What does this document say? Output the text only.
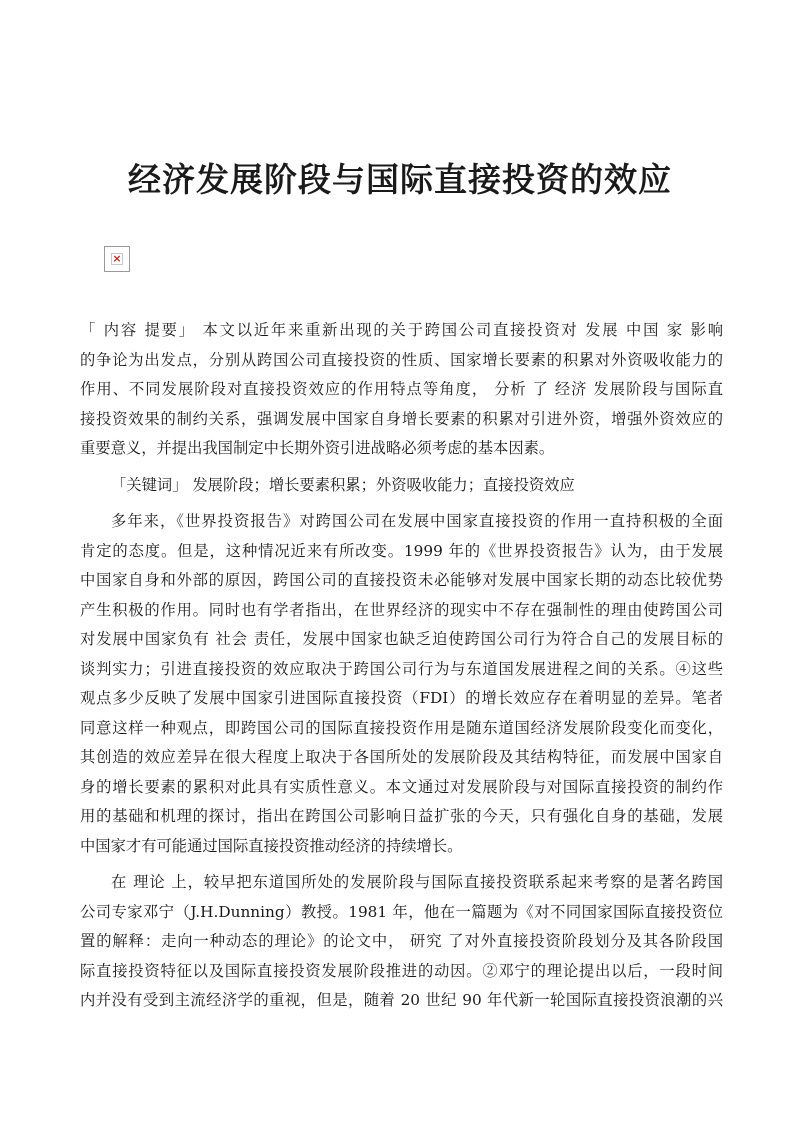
经济发展阶段与国际直接投资的效应
×

「 内容 提要」 本文以近年来重新出现的关于跨国公司直接投资对 发展 中国 家 影响
的争论为出发点，分别从跨国公司直接投资的性质、国家增长要素的积累对外资吸收能力的
作用、不同发展阶段对直接投资效应的作用特点等角度， 分析 了 经济 发展阶段与国际直
接投资效果的制约关系，强调发展中国家自身增长要素的积累对引进外资，增强外资效应的
重要意义，并提出我国制定中长期外资引进战略必须考虑的基本因素。

「关键词」 发展阶段；增长要素积累；外资吸收能力；直接投资效应

多年来，《世界投资报告》对跨国公司在发展中国家直接投资的作用一直持积极的全面
肯定的态度。但是，这种情况近来有所改变。1999 年的《世界投资报告》认为，由于发展
中国家自身和外部的原因，跨国公司的直接投资未必能够对发展中国家长期的动态比较优势
产生积极的作用。同时也有学者指出，在世界经济的现实中不存在强制性的理由使跨国公司
对发展中国家负有 社会 责任，发展中国家也缺乏迫使跨国公司行为符合自己的发展目标的
谈判实力；引进直接投资的效应取决于跨国公司行为与东道国发展进程之间的关系。④这些
观点多少反映了发展中国家引进国际直接投资（FDI）的增长效应存在着明显的差异。笔者
同意这样一种观点，即跨国公司的国际直接投资作用是随东道国经济发展阶段变化而变化，
其创造的效应差异在很大程度上取决于各国所处的发展阶段及其结构特征，而发展中国家自
身的增长要素的累积对此具有实质性意义。本文通过对发展阶段与对国际直接投资的制约作
用的基础和机理的探讨，指出在跨国公司影响日益扩张的今天，只有强化自身的基础，发展
中国家才有可能通过国际直接投资推动经济的持续增长。

在 理论 上，较早把东道国所处的发展阶段与国际直接投资联系起来考察的是著名跨国
公司专家邓宁（J.H.Dunning）教授。1981 年，他在一篇题为《对不同国家国际直接投资位
置的解释：走向一种动态的理论》的论文中， 研究 了对外直接投资阶段划分及其各阶段国
际直接投资特征以及国际直接投资发展阶段推进的动因。②邓宁的理论提出以后，一段时间
内并没有受到主流经济学的重视，但是，随着 20 世纪 90 年代新一轮国际直接投资浪潮的兴
